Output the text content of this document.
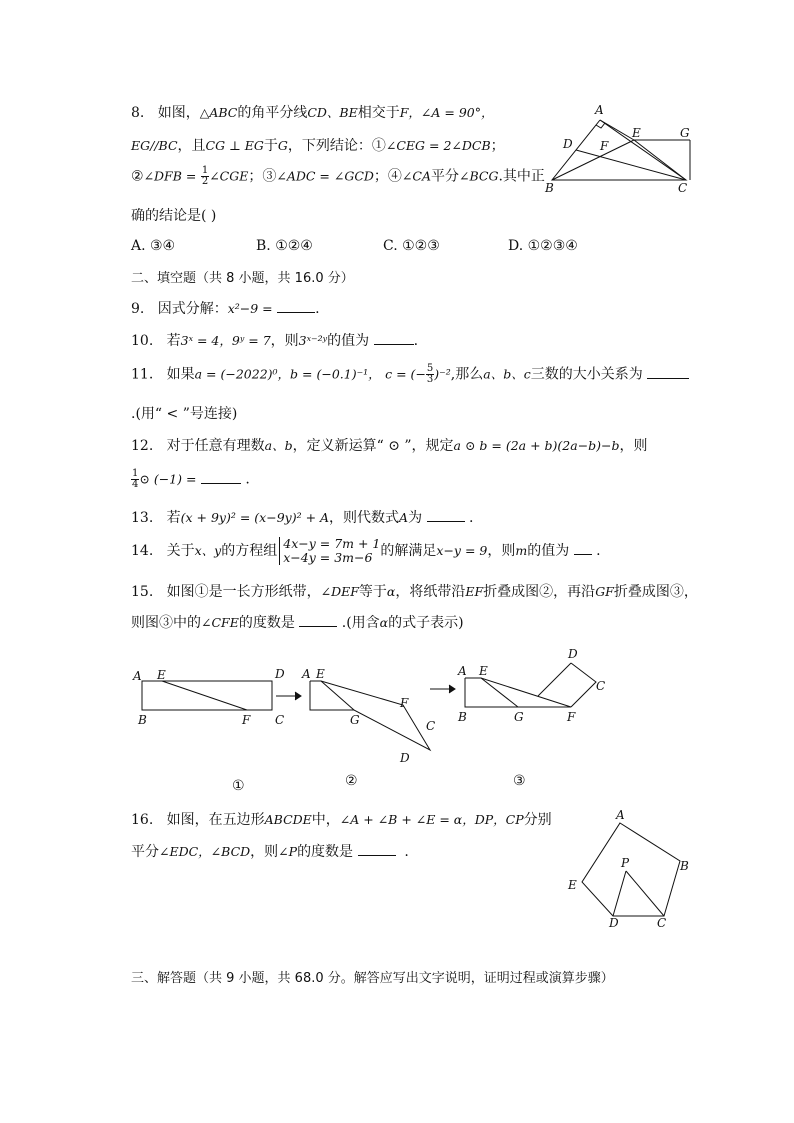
8. 如图，△ABC的角平分线CD、BE相交于F，∠A = 90°，
EG//BC，且CG ⊥ EG于G，下列结论：①∠CEG = 2∠DCB；
②∠DFB = $\frac{1}{2}$ ∠CGE；③∠ADC = ∠GCD；④∠CA平分∠BCG.其中正
确的结论是( )
A. ③④	B. ①②④	C. ①②③	D. ①②③④
A
B	C
D
E
F
G
二、填空题（共 8 小题，共 16.0 分）
9. 因式分解：x²−9 =	.
10. 若3ˣ = 4，9ʸ = 7，则3ˣ⁻²ʸ的值为	.
11. 如果a = (−2022)⁰，b = (−0.1)⁻¹， c = (− $\frac{5}{3} )^{-2}$,那么a、b、c三数的大小关系为
.(用“ < ”号连接)
12. 对于任意有理数a、b，定义新运算“ ⊙ ”，规定a ⊙ b = (2a + b)(2a−b)−b，则
$\frac{1}{4}$ ⊙ (−1) =	.
13. 若(x + 9y)² = (x−9y)² + A，则代数式A为	.
14. 关于x、y的方程组 4x−y = 7m + 1
x−4y = 3m−6 的解满足x−y = 9，则m的值为 .
15. 如图①是一长方形纸带，∠DEF等于α，将纸带沿EF折叠成图②，再沿GF折叠成图③，
则图③中的∠CFE的度数是	.(用含α的式子表示)
A E	D
B	F C
A E
G
F
C
D
A E
B	G	F
D
C
①	②	③
16. 如图，在五边形ABCDE中，∠A + ∠B + ∠E = α，DP，CP分别
平分∠EDC，∠BCD，则∠P的度数是	.
A
B
C
D
E
P
三、解答题（共 9 小题，共 68.0 分。解答应写出文字说明，证明过程或演算步骤）
